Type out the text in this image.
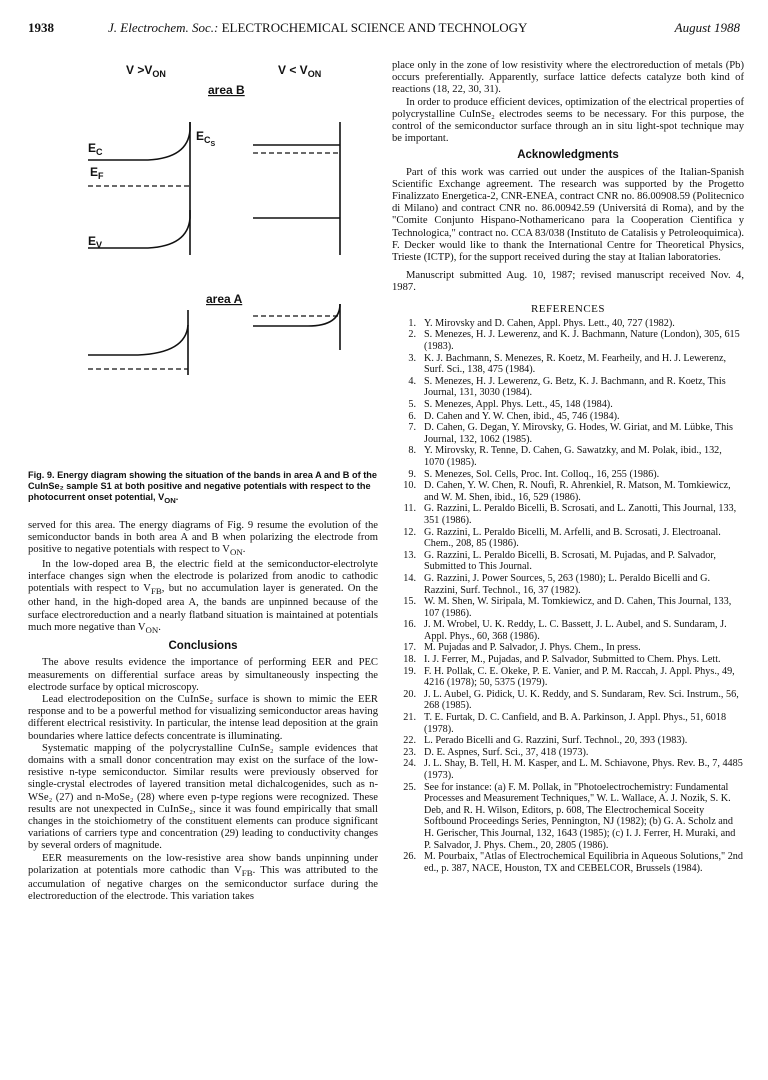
1938	J. Electrochem. Soc.: ELECTROCHEMICAL SCIENCE AND TECHNOLOGY	August 1988
$V >V_{ON}$	$V < V_{ON}$
area B
area A
$E_C$
$E_F$
$E_V$
$E_{CS}$
Fig. 9. Energy diagram showing the situation of the bands in area A and B of the CuInSe₂ sample S1 at both positive and negative potentials with respect to the photocurrent onset potential, $V_{ON}$.

served for this area. The energy diagrams of Fig. 9 resume the evolution of the semiconductor bands in both area A and B when polarizing the electrode from positive to negative potentials with respect to $V_{ON}$.

In the low-doped area B, the electric field at the semiconductor-electrolyte interface changes sign when the electrode is polarized from anodic to cathodic potentials with respect to $V_{FB}$, but no accumulation layer is generated. On the other hand, in the high-doped area A, the bands are unpinned because of the surface electroreduction and a nearly flatband situation is maintained at potentials much more negative than $V_{ON}$.

Conclusions

The above results evidence the importance of performing EER and PEC measurements on differential surface areas by simultaneously inspecting the electrode surface by optical microscopy.

Lead electrodeposition on the CuInSe₂ surface is shown to mimic the EER response and to be a powerful method for visualizing semiconductor areas having different electrical resistivity. In particular, the intense lead deposition at the grain boundaries where lattice defects concentrate is illuminating.

Systematic mapping of the polycrystalline CuInSe₂ sample evidences that domains with a small donor concentration may exist on the surface of the low-resistive n-type semiconductor. Similar results were previously observed for single-crystal electrodes of layered transition metal dichalcogenides, such as n-WSe₂ (27) and n-MoSe₂ (28) where even p-type regions were recognized. These results are not unexpected in CuInSe₂, since it was found empirically that small changes in the stoichiometry of the constituent elements can produce significant variations of carriers type and concentration (29) leading to conductivity changes by several orders of magnitude.

EER measurements on the low-resistive area show bands unpinning under polarization at potentials more cathodic than $V_{FB}$. This was attributed to the accumulation of negative charges on the semiconductor surface during the electroreduction of the electrode. This variation takes

place only in the zone of low resistivity where the electroreduction of metals (Pb) occurs preferentially. Apparently, surface lattice defects catalyze both kind of reactions (18, 22, 30, 31).

In order to produce efficient devices, optimization of the electrical properties of polycrystalline CuInSe₂ electrodes seems to be necessary. For this purpose, the control of the semiconductor surface through an in situ light-spot technique may be important.

Acknowledgments

Part of this work was carried out under the auspices of the Italian-Spanish Scientific Exchange agreement. The research was supported by the Progetto Finalizzato Energetica-2, CNR-ENEA, contract CNR no. 86.00908.59 (Politecnico di Milano) and contract CNR no. 86.00942.59 (Universitá di Roma), and by the "Comite Conjunto Hispano-Nothamericano para la Cooperation Cientifica y Technologica," contract no. CCA 83/038 (Instituto de Catalisis y Petroleoquimica). F. Decker would like to thank the International Centre for Theoretical Physics, Trieste (ICTP), for the support received during the stay at Italian laboratories.

Manuscript submitted Aug. 10, 1987; revised manuscript received Nov. 4, 1987.

REFERENCES
1. Y. Mirovsky and D. Cahen, Appl. Phys. Lett., 40, 727 (1982).
2. S. Menezes, H. J. Lewerenz, and K. J. Bachmann, Nature (London), 305, 615 (1983).
3. K. J. Bachmann, S. Menezes, R. Koetz, M. Fearheily, and H. J. Lewerenz, Surf. Sci., 138, 475 (1984).
4. S. Menezes, H. J. Lewerenz, G. Betz, K. J. Bachmann, and R. Koetz, This Journal, 131, 3030 (1984).
5. S. Menezes, Appl. Phys. Lett., 45, 148 (1984).
6. D. Cahen and Y. W. Chen, ibid., 45, 746 (1984).
7. D. Cahen, G. Degan, Y. Mirovsky, G. Hodes, W. Giriat, and M. Lübke, This Journal, 132, 1062 (1985).
8. Y. Mirovsky, R. Tenne, D. Cahen, G. Sawatzky, and M. Polak, ibid., 132, 1070 (1985).
9. S. Menezes, Sol. Cells, Proc. Int. Colloq., 16, 255 (1986).
10. D. Cahen, Y. W. Chen, R. Noufi, R. Ahrenkiel, R. Matson, M. Tomkiewicz, and W. M. Shen, ibid., 16, 529 (1986).
11. G. Razzini, L. Peraldo Bicelli, B. Scrosati, and L. Zanotti, This Journal, 133, 351 (1986).
12. G. Razzini, L. Peraldo Bicelli, M. Arfelli, and B. Scrosati, J. Electroanal. Chem., 208, 85 (1986).
13. G. Razzini, L. Peraldo Bicelli, B. Scrosati, M. Pujadas, and P. Salvador, Submitted to This Journal.
14. G. Razzini, J. Power Sources, 5, 263 (1980); L. Peraldo Bicelli and G. Razzini, Surf. Technol., 16, 37 (1982).
15. W. M. Shen, W. Siripala, M. Tomkiewicz, and D. Cahen, This Journal, 133, 107 (1986).
16. J. M. Wrobel, U. K. Reddy, L. C. Bassett, J. L. Aubel, and S. Sundaram, J. Appl. Phys., 60, 368 (1986).
17. M. Pujadas and P. Salvador, J. Phys. Chem., In press.
18. I. J. Ferrer, M., Pujadas, and P. Salvador, Submitted to Chem. Phys. Lett.
19. F. H. Pollak, C. E. Okeke, P. E. Vanier, and P. M. Raccah, J. Appl. Phys., 49, 4216 (1978); 50, 5375 (1979).
20. J. L. Aubel, G. Pidick, U. K. Reddy, and S. Sundaram, Rev. Sci. Instrum., 56, 268 (1985).
21. T. E. Furtak, D. C. Canfield, and B. A. Parkinson, J. Appl. Phys., 51, 6018 (1978).
22. L. Perado Bicelli and G. Razzini, Surf. Technol., 20, 393 (1983).
23. D. E. Aspnes, Surf. Sci., 37, 418 (1973).
24. J. L. Shay, B. Tell, H. M. Kasper, and L. M. Schiavone, Phys. Rev. B., 7, 4485 (1973).
25. See for instance: (a) F. M. Pollak, in "Photoelectrochemistry: Fundamental Processes and Measurement Techniques," W. L. Wallace, A. J. Nozik, S. K. Deb, and R. H. Wilson, Editors, p. 608, The Electrochemical Soceity Softbound Proceedings Series, Pennington, NJ (1982); (b) G. A. Scholz and H. Gerischer, This Journal, 132, 1643 (1985); (c) I. J. Ferrer, H. Muraki, and P. Salvador, J. Phys. Chem., 20, 2805 (1986).
26. M. Pourbaix, "Atlas of Electrochemical Equilibria in Aqueous Solutions," 2nd ed., p. 387, NACE, Houston, TX and CEBELCOR, Brussels (1984).
